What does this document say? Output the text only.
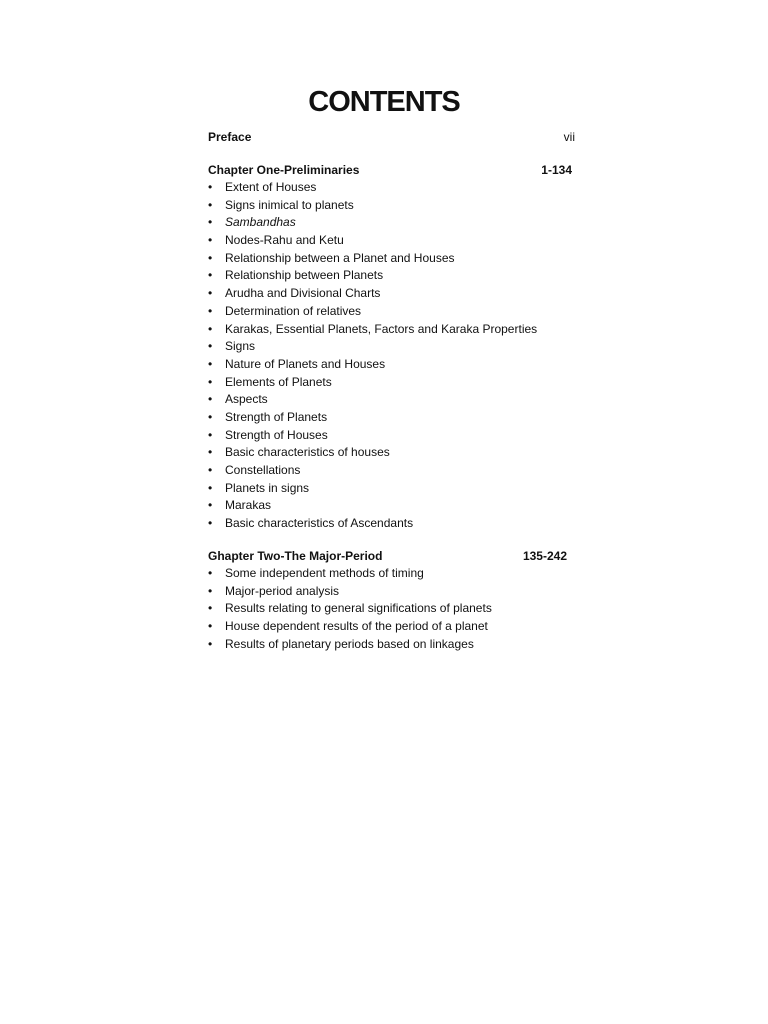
CONTENTS
Preface	vii
Chapter One-Preliminaries	1-134
• Extent of Houses
• Signs inimical to planets
• Sambandhas
• Nodes-Rahu and Ketu
• Relationship between a Planet and Houses
• Relationship between Planets
• Arudha and Divisional Charts
• Determination of relatives
• Karakas, Essential Planets, Factors and Karaka Properties
• Signs
• Nature of Planets and Houses
• Elements of Planets
• Aspects
• Strength of Planets
• Strength of Houses
• Basic characteristics of houses
• Constellations
• Planets in signs
• Marakas
• Basic characteristics of Ascendants
Ghapter Two-The Major-Period	135-242
• Some independent methods of timing
• Major-period analysis
• Results relating to general significations of planets
• House dependent results of the period of a planet
• Results of planetary periods based on linkages
